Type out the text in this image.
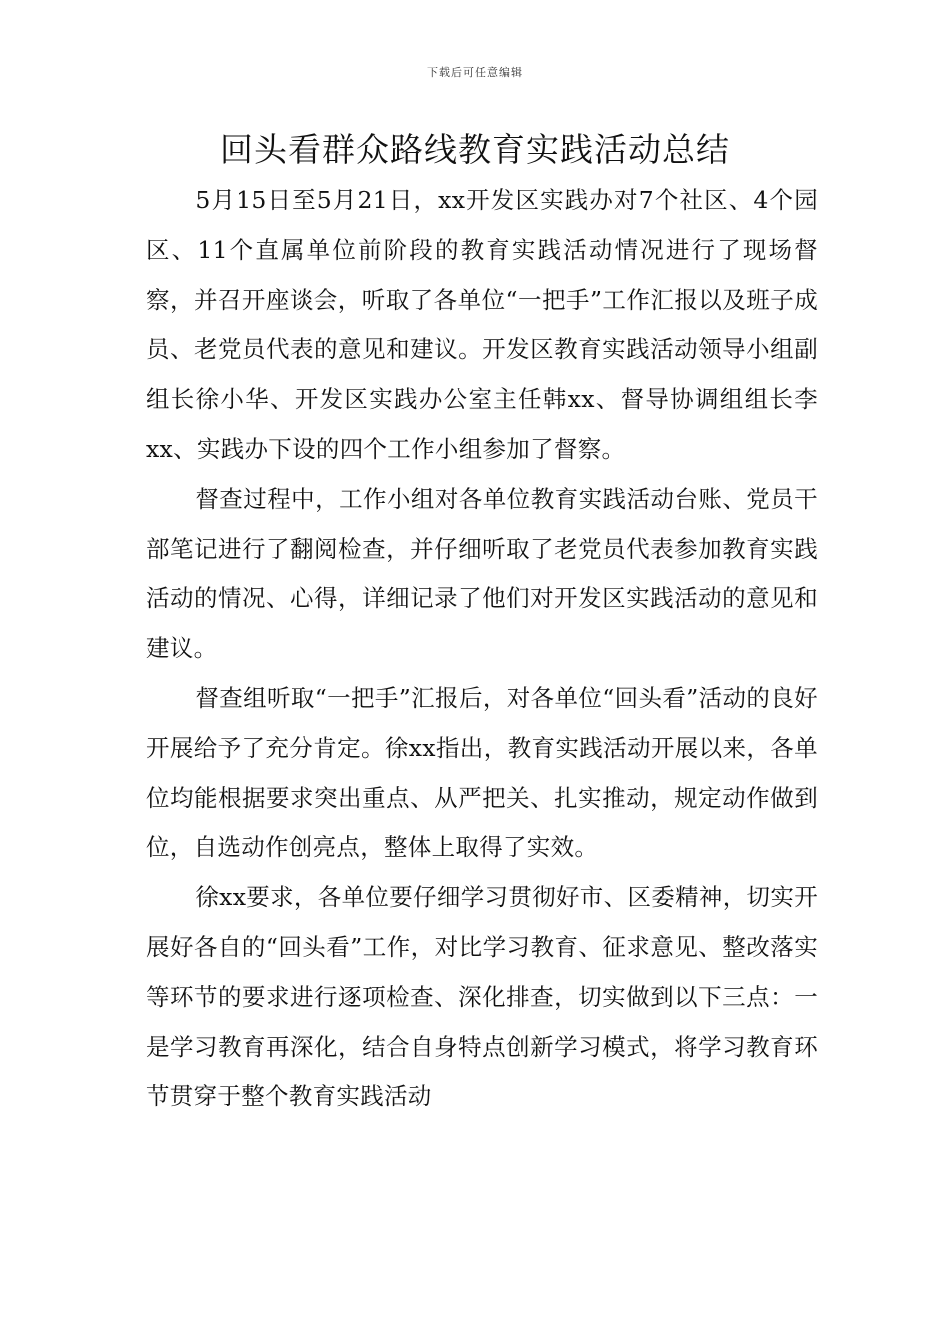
下载后可任意编辑
回头看群众路线教育实践活动总结

5月15日至5月21日，xx开发区实践办对7个社区、4个园区、11个直属单位前阶段的教育实践活动情况进行了现场督察，并召开座谈会，听取了各单位“一把手”工作汇报以及班子成员、老党员代表的意见和建议。开发区教育实践活动领导小组副组长徐小华、开发区实践办公室主任韩xx、督导协调组组长李xx、实践办下设的四个工作小组参加了督察。

督查过程中，工作小组对各单位教育实践活动台账、党员干部笔记进行了翻阅检查，并仔细听取了老党员代表参加教育实践活动的情况、心得，详细记录了他们对开发区实践活动的意见和建议。

督查组听取“一把手”汇报后，对各单位“回头看”活动的良好开展给予了充分肯定。徐xx指出，教育实践活动开展以来，各单位均能根据要求突出重点、从严把关、扎实推动，规定动作做到位，自选动作创亮点，整体上取得了实效。

徐xx要求，各单位要仔细学习贯彻好市、区委精神，切实开展好各自的“回头看”工作，对比学习教育、征求意见、整改落实等环节的要求进行逐项检查、深化排查，切实做到以下三点：一是学习教育再深化，结合自身特点创新学习模式，将学习教育环节贯穿于整个教育实践活动
